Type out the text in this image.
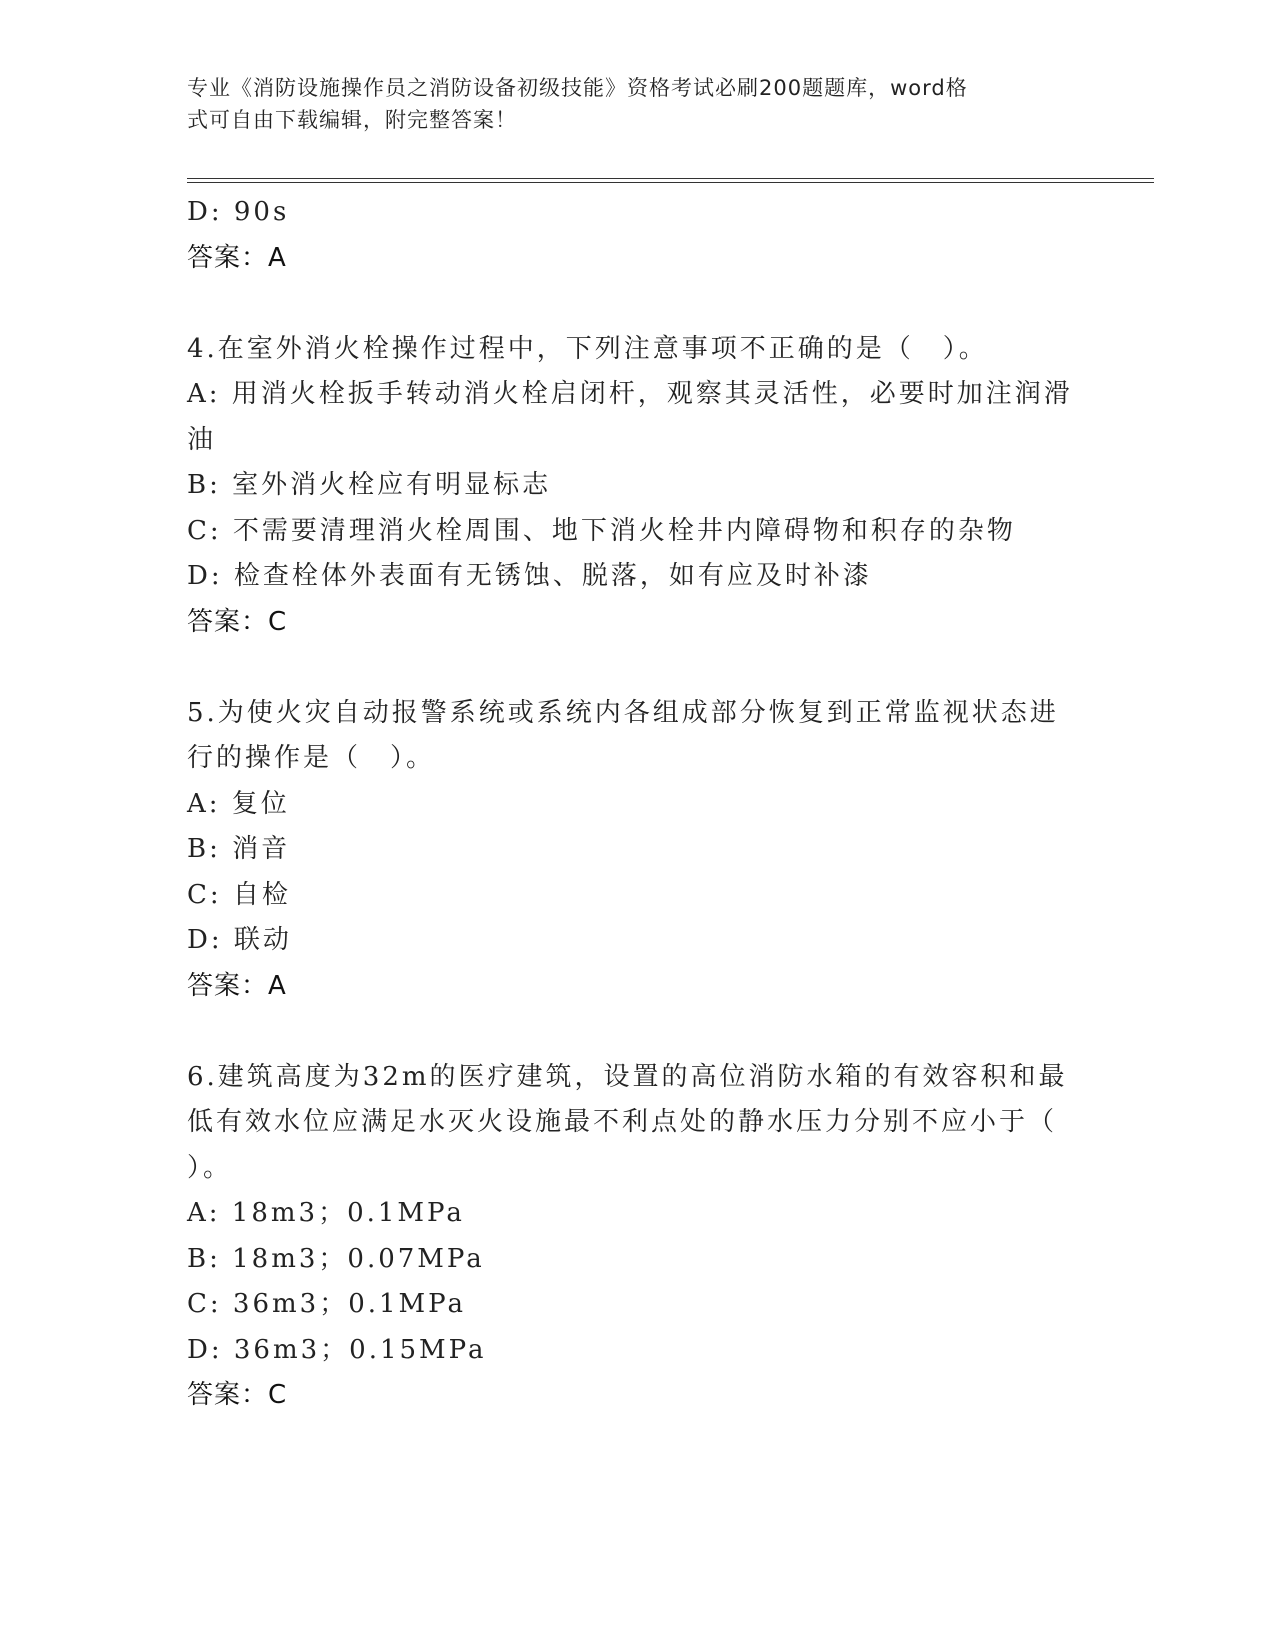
专业《消防设施操作员之消防设备初级技能》资格考试必刷200题题库，word格
式可自由下载编辑，附完整答案！
D: 90s
答案：A
4.在室外消火栓操作过程中，下列注意事项不正确的是（　）。
A: 用消火栓扳手转动消火栓启闭杆，观察其灵活性，必要时加注润滑
油
B: 室外消火栓应有明显标志
C: 不需要清理消火栓周围、地下消火栓井内障碍物和积存的杂物
D: 检查栓体外表面有无锈蚀、脱落，如有应及时补漆
答案：C
5.为使火灾自动报警系统或系统内各组成部分恢复到正常监视状态进
行的操作是（　）。
A: 复位
B: 消音
C: 自检
D: 联动
答案：A
6.建筑高度为32m的医疗建筑，设置的高位消防水箱的有效容积和最
低有效水位应满足水灭火设施最不利点处的静水压力分别不应小于（
）。
A: 18m3；0.1MPa
B: 18m3；0.07MPa
C: 36m3；0.1MPa
D: 36m3；0.15MPa
答案：C
